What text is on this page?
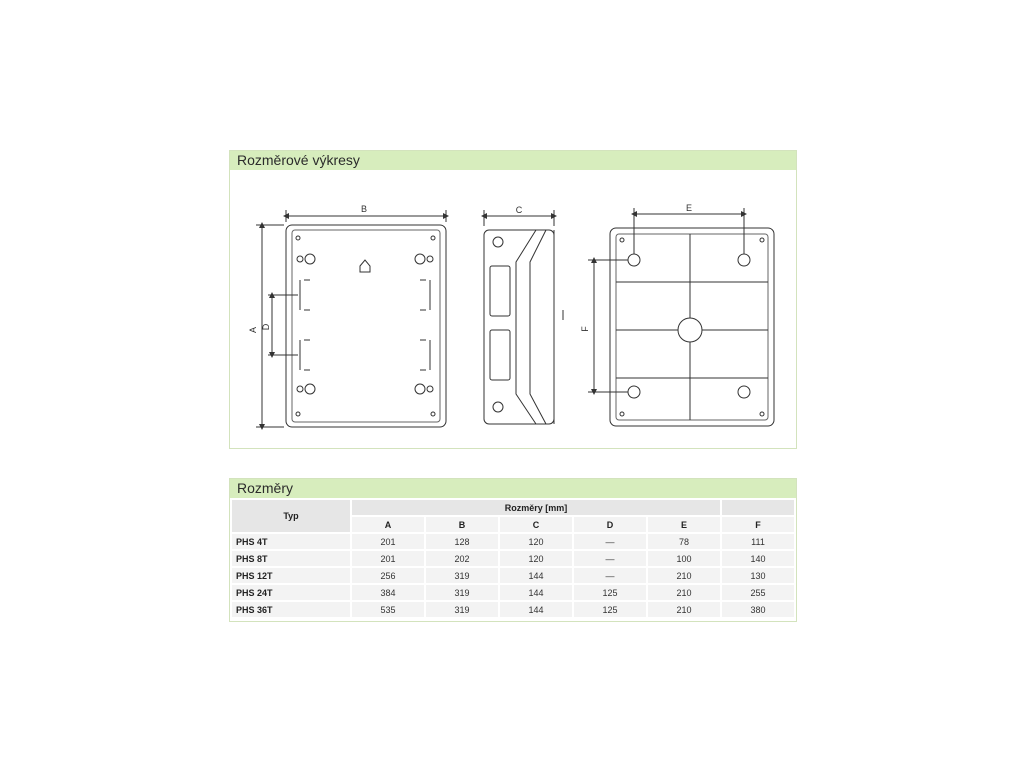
Rozměrové výkresy
B
A D
C	E
F
Rozměry
Typ	Rozměry [mm]					
	A	B	C	D	E	F
PHS 4T	201	128	120	—	78	111
PHS 8T	201	202	120	—	100	140
PHS 12T	256	319	144	—	210	130
PHS 24T	384	319	144	125	210	255
PHS 36T	535	319	144	125	210	380
